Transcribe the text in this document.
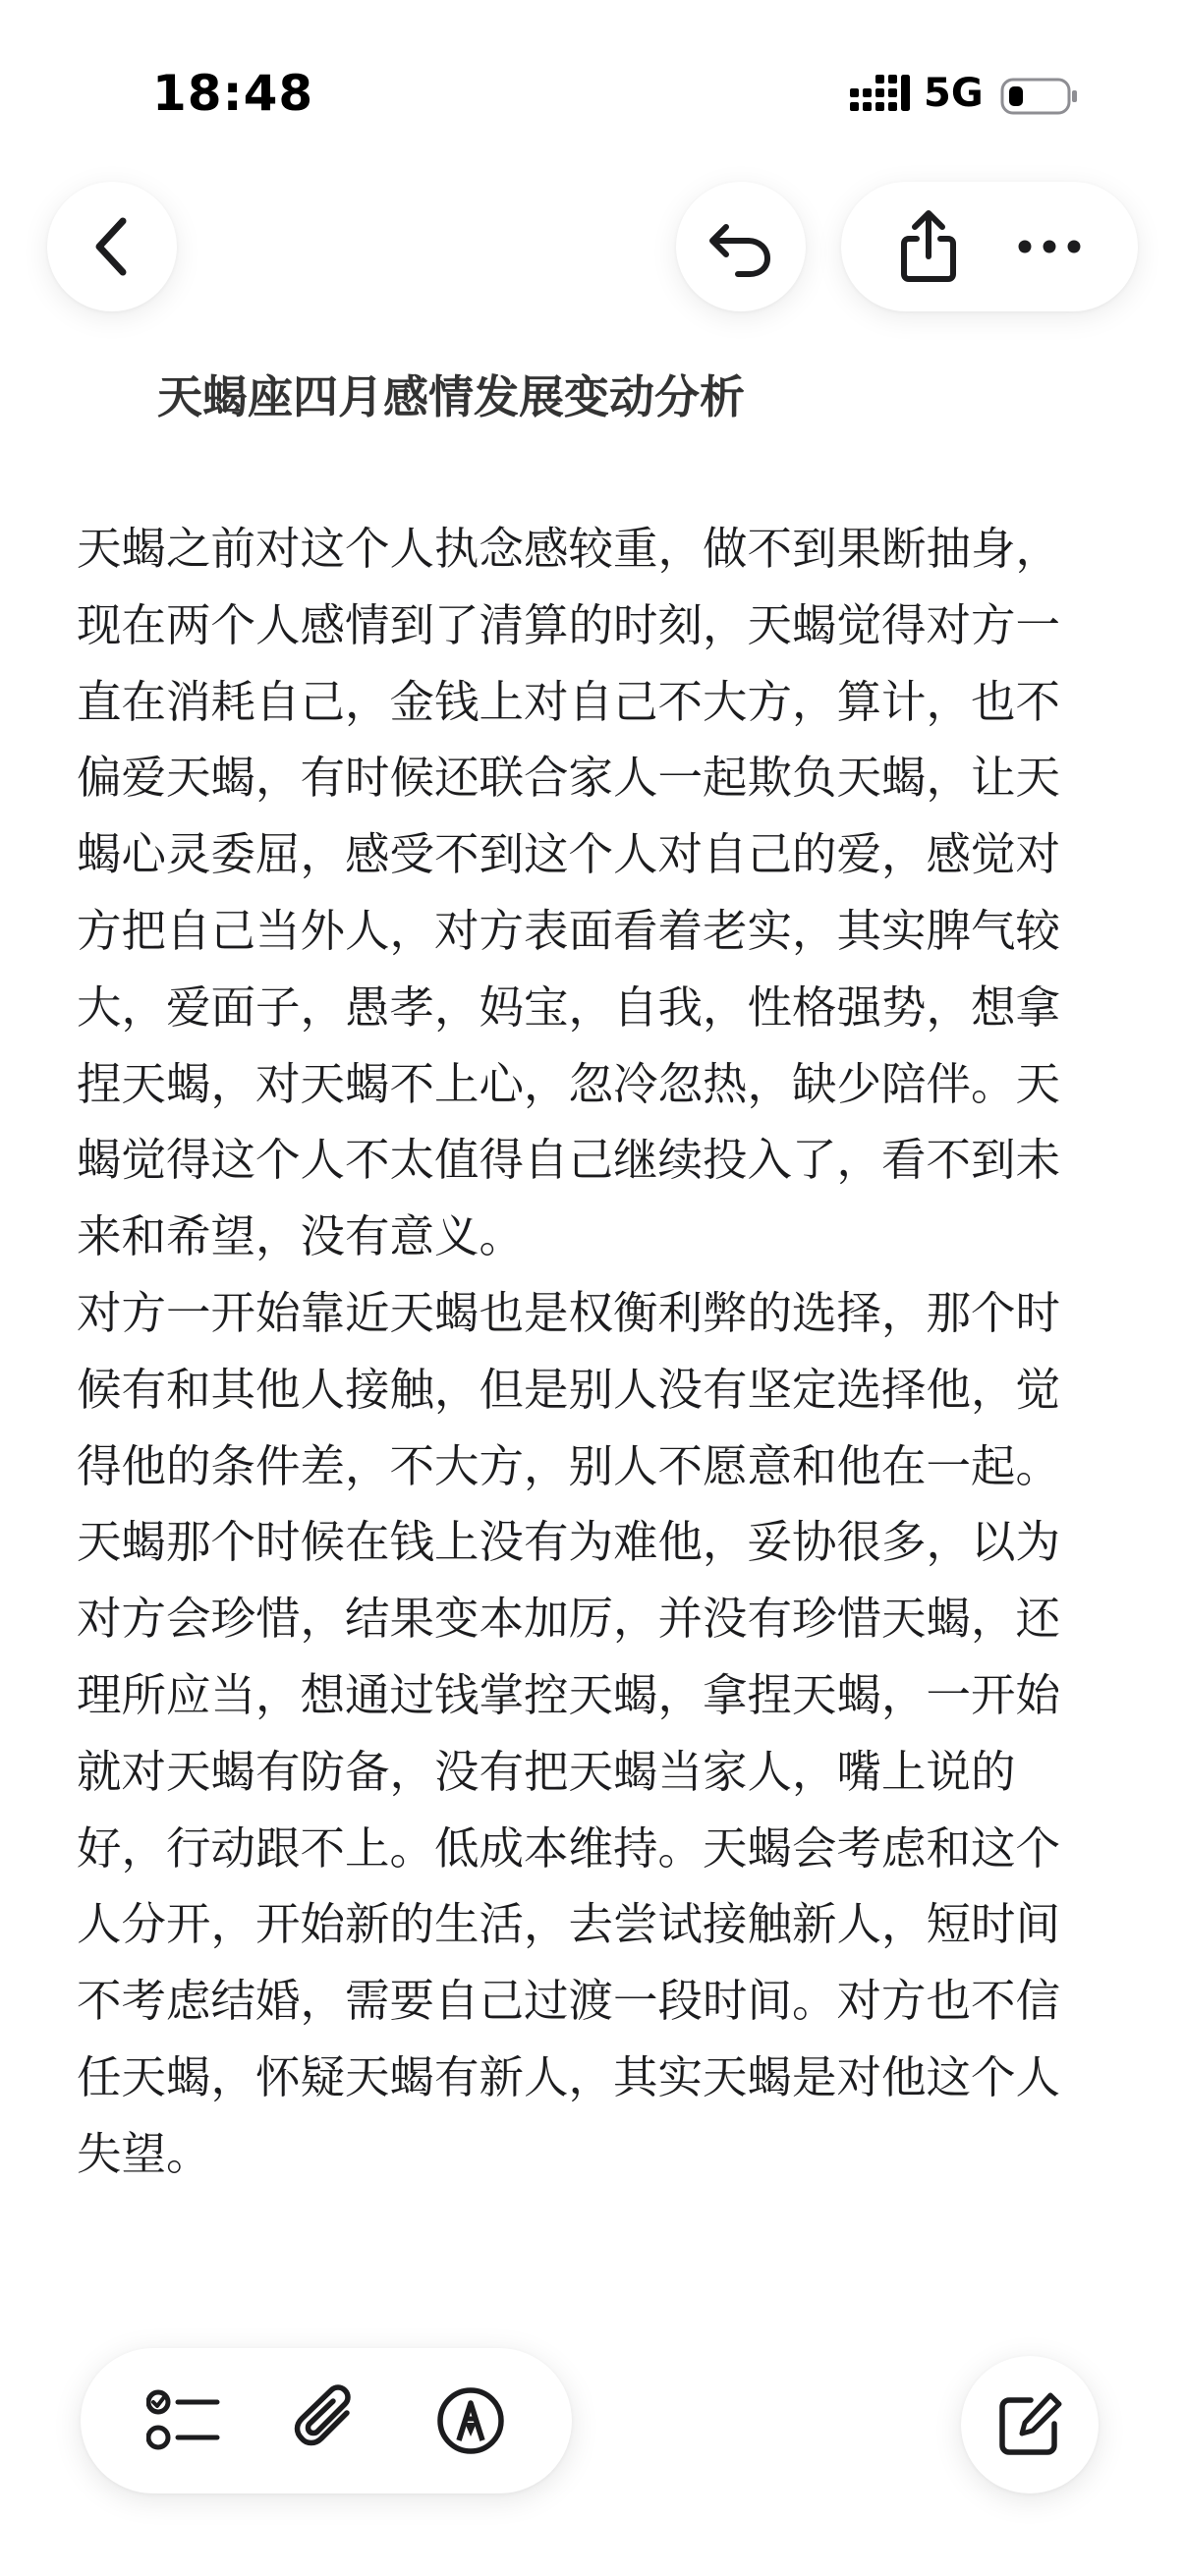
18:48	5G
天蝎座四月感情发展变动分析

天蝎之前对这个人执念感较重，做不到果断抽身，现在两个人感情到了清算的时刻，天蝎觉得对方一直在消耗自己，金钱上对自己不大方，算计，也不偏爱天蝎，有时候还联合家人一起欺负天蝎，让天蝎心灵委屈，感受不到这个人对自己的爱，感觉对方把自己当外人，对方表面看着老实，其实脾气较大，爱面子，愚孝，妈宝，自我，性格强势，想拿捏天蝎，对天蝎不上心，忽冷忽热，缺少陪伴。天蝎觉得这个人不太值得自己继续投入了，看不到未来和希望，没有意义。

对方一开始靠近天蝎也是权衡利弊的选择，那个时候有和其他人接触，但是别人没有坚定选择他，觉得他的条件差，不大方，别人不愿意和他在一起。天蝎那个时候在钱上没有为难他，妥协很多，以为对方会珍惜，结果变本加厉，并没有珍惜天蝎，还理所应当，想通过钱掌控天蝎，拿捏天蝎，一开始就对天蝎有防备，没有把天蝎当家人，嘴上说的好，行动跟不上。低成本维持。天蝎会考虑和这个人分开，开始新的生活，去尝试接触新人，短时间不考虑结婚，需要自己过渡一段时间。对方也不信任天蝎，怀疑天蝎有新人，其实天蝎是对他这个人失望。
